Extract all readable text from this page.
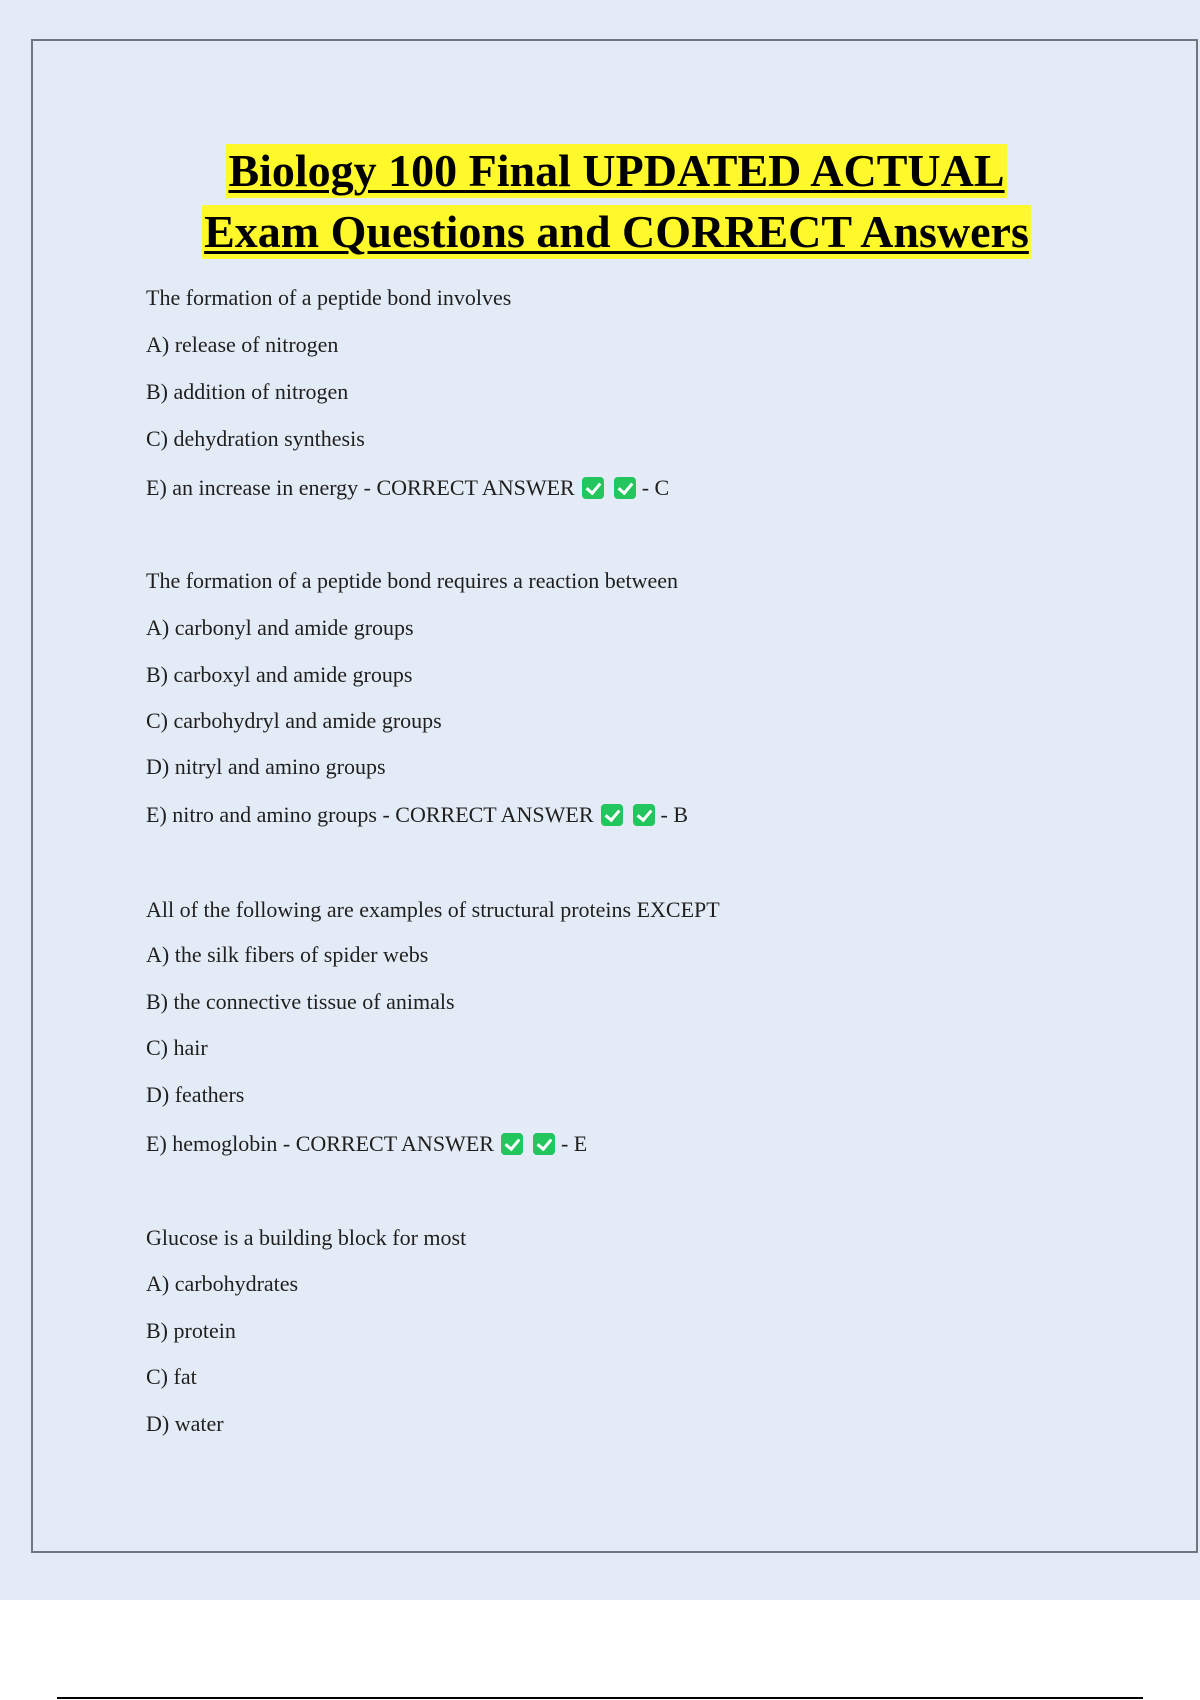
Biology 100 Final UPDATED ACTUAL
Exam Questions and CORRECT Answers
The formation of a peptide bond involves
A) release of nitrogen
B) addition of nitrogen
C) dehydration synthesis
E) an increase in energy - CORRECT ANSWER	- C
The formation of a peptide bond requires a reaction between
A) carbonyl and amide groups
B) carboxyl and amide groups
C) carbohydryl and amide groups
D) nitryl and amino groups
E) nitro and amino groups - CORRECT ANSWER	- B
All of the following are examples of structural proteins EXCEPT
A) the silk fibers of spider webs
B) the connective tissue of animals
C) hair
D) feathers
E) hemoglobin - CORRECT ANSWER	- E
Glucose is a building block for most
A) carbohydrates
B) protein
C) fat
D) water
